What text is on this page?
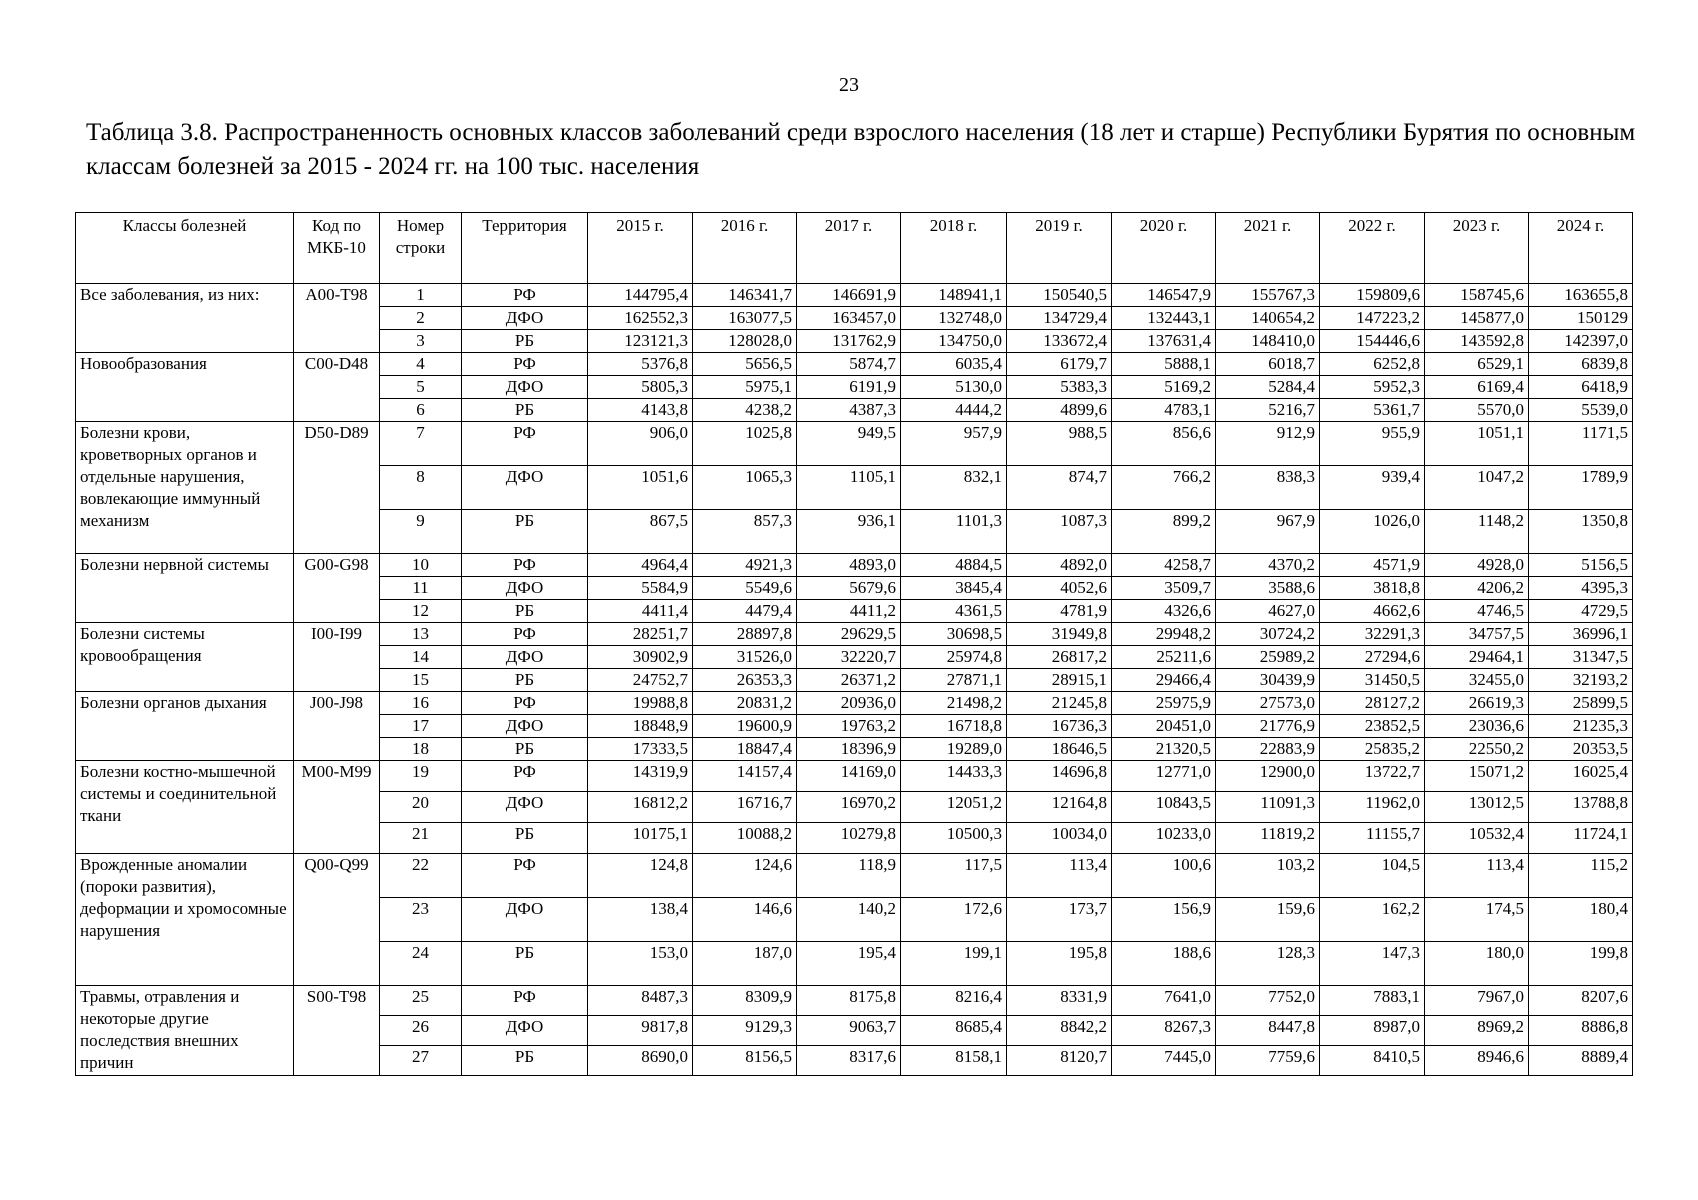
23
Таблица 3.8. Распространенность основных классов заболеваний среди взрослого населения (18 лет и старше) Республики Бурятия по основным классам болезней за 2015 - 2024 гг. на 100 тыс. населения
Классы болезней	Код по МКБ-10	Номер строки	Территория	2015 г.	2016 г.	2017 г.	2018 г.	2019 г.	2020 г.	2021 г.	2022 г.	2023 г.	2024 г.
Все заболевания, из них:	A00-T98	1	РФ	144795,4	146341,7	146691,9	148941,1	150540,5	146547,9	155767,3	159809,6	158745,6	163655,8
		2	ДФО	162552,3	163077,5	163457,0	132748,0	134729,4	132443,1	140654,2	147223,2	145877,0	150129
		3	РБ	123121,3	128028,0	131762,9	134750,0	133672,4	137631,4	148410,0	154446,6	143592,8	142397,0
Новообразования	C00-D48	4	РФ	5376,8	5656,5	5874,7	6035,4	6179,7	5888,1	6018,7	6252,8	6529,1	6839,8
		5	ДФО	5805,3	5975,1	6191,9	5130,0	5383,3	5169,2	5284,4	5952,3	6169,4	6418,9
		6	РБ	4143,8	4238,2	4387,3	4444,2	4899,6	4783,1	5216,7	5361,7	5570,0	5539,0
Болезни крови, кроветворных органов и отдельные нарушения, вовлекающие иммунный механизм	D50-D89	7	РФ	906,0	1025,8	949,5	957,9	988,5	856,6	912,9	955,9	1051,1	1171,5
		8	ДФО	1051,6	1065,3	1105,1	832,1	874,7	766,2	838,3	939,4	1047,2	1789,9
		9	РБ	867,5	857,3	936,1	1101,3	1087,3	899,2	967,9	1026,0	1148,2	1350,8
Болезни нервной системы	G00-G98	10	РФ	4964,4	4921,3	4893,0	4884,5	4892,0	4258,7	4370,2	4571,9	4928,0	5156,5
		11	ДФО	5584,9	5549,6	5679,6	3845,4	4052,6	3509,7	3588,6	3818,8	4206,2	4395,3
		12	РБ	4411,4	4479,4	4411,2	4361,5	4781,9	4326,6	4627,0	4662,6	4746,5	4729,5
Болезни системы кровообращения	I00-I99	13	РФ	28251,7	28897,8	29629,5	30698,5	31949,8	29948,2	30724,2	32291,3	34757,5	36996,1
		14	ДФО	30902,9	31526,0	32220,7	25974,8	26817,2	25211,6	25989,2	27294,6	29464,1	31347,5
		15	РБ	24752,7	26353,3	26371,2	27871,1	28915,1	29466,4	30439,9	31450,5	32455,0	32193,2
Болезни органов дыхания	J00-J98	16	РФ	19988,8	20831,2	20936,0	21498,2	21245,8	25975,9	27573,0	28127,2	26619,3	25899,5
		17	ДФО	18848,9	19600,9	19763,2	16718,8	16736,3	20451,0	21776,9	23852,5	23036,6	21235,3
		18	РБ	17333,5	18847,4	18396,9	19289,0	18646,5	21320,5	22883,9	25835,2	22550,2	20353,5
Болезни костно-мышечной системы и соединительной ткани	M00-M99	19	РФ	14319,9	14157,4	14169,0	14433,3	14696,8	12771,0	12900,0	13722,7	15071,2	16025,4
		20	ДФО	16812,2	16716,7	16970,2	12051,2	12164,8	10843,5	11091,3	11962,0	13012,5	13788,8
		21	РБ	10175,1	10088,2	10279,8	10500,3	10034,0	10233,0	11819,2	11155,7	10532,4	11724,1
Врожденные аномалии (пороки развития), деформации и хромосомные нарушения	Q00-Q99	22	РФ	124,8	124,6	118,9	117,5	113,4	100,6	103,2	104,5	113,4	115,2
		23	ДФО	138,4	146,6	140,2	172,6	173,7	156,9	159,6	162,2	174,5	180,4
		24	РБ	153,0	187,0	195,4	199,1	195,8	188,6	128,3	147,3	180,0	199,8
Травмы, отравления и некоторые другие последствия внешних причин	S00-T98	25	РФ	8487,3	8309,9	8175,8	8216,4	8331,9	7641,0	7752,0	7883,1	7967,0	8207,6
		26	ДФО	9817,8	9129,3	9063,7	8685,4	8842,2	8267,3	8447,8	8987,0	8969,2	8886,8
		27	РБ	8690,0	8156,5	8317,6	8158,1	8120,7	7445,0	7759,6	8410,5	8946,6	8889,4
